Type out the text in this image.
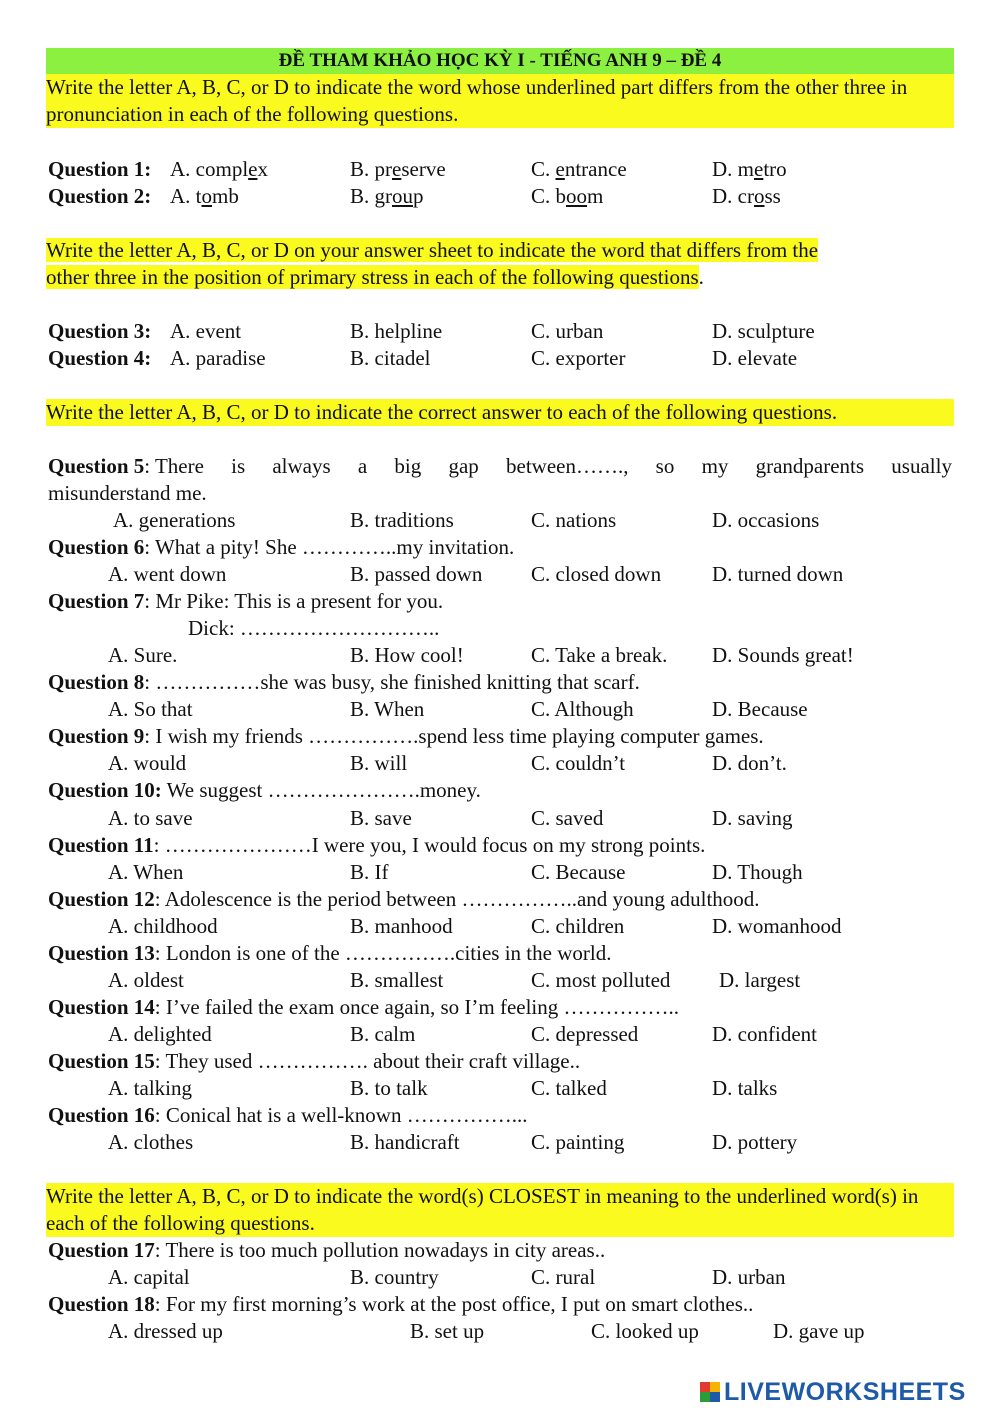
ĐỀ THAM KHẢO HỌC KỲ I - TIẾNG ANH 9 – ĐỀ 4
Write the letter A, B, C, or D to indicate the word whose underlined part differs from the other three in pronunciation in each of the following questions.
Question 1: A. complex	B. preserve	C. entrance	D. metro
Question 2: A. tomb	B. group	C. boom	D. cross
Write the letter A, B, C, or D on your answer sheet to indicate the word that differs from the
other three in the position of primary stress in each of the following questions.
Question 3: A. event	B. helpline	C. urban	D. sculpture
Question 4: A. paradise	B. citadel	C. exporter	D. elevate
Write the letter A, B, C, or D to indicate the correct answer to each of the following questions.
Question 5: There is always a big gap between……., so my grandparents usually
misunderstand me.
A. generations	B. traditions	C. nations	D. occasions
Question 6: What a pity! She …………..my invitation.
A. went down	B. passed down C. closed down D. turned down
Question 7: Mr Pike: This is a present for you.
Dick: ………………………..
A. Sure.	B. How cool!	C. Take a break. D. Sounds great!
Question 8: ……………she was busy, she finished knitting that scarf.
A. So that	B. When	C. Although	D. Because
Question 9: I wish my friends …………….spend less time playing computer games.
A. would	B. will	C. couldn’t	D. don’t.
Question 10: We suggest ………………….money.
A. to save	B. save	C. saved	D. saving
Question 11: …………………I were you, I would focus on my strong points.
A. When	B. If	C. Because	D. Though
Question 12: Adolescence is the period between ……………..and young adulthood.
A. childhood	B. manhood	C. children	D. womanhood
Question 13: London is one of the …………….cities in the world.
A. oldest	B. smallest	C. most polluted D. largest
Question 14: I’ve failed the exam once again, so I’m feeling ……………..
A. delighted	B. calm	C. depressed	D. confident
Question 15: They used ……………. about their craft village..
A. talking	B. to talk	C. talked	D. talks
Question 16: Conical hat is a well-known ……………...
A. clothes	B. handicraft	C. painting	D. pottery
Write the letter A, B, C, or D to indicate the word(s) CLOSEST in meaning to the underlined word(s) in each of the following questions.
Question 17: There is too much pollution nowadays in city areas..
A. capital	B. country	C. rural	D. urban
Question 18: For my first morning’s work at the post office, I put on smart clothes..
A. dressed up	B. set up	C. looked up	D. gave up
LIVEWORKSHEETS
